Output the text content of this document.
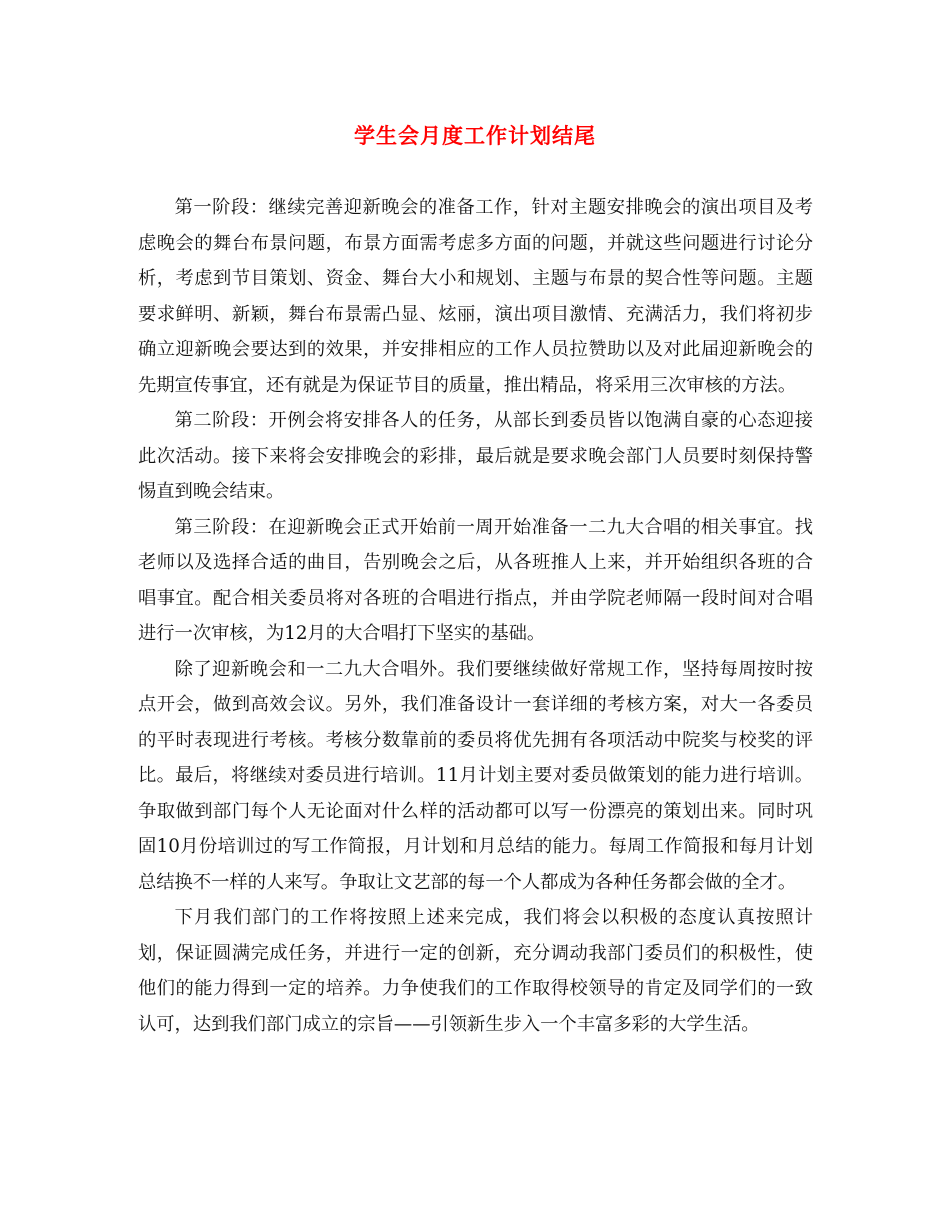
学生会月度工作计划结尾

第一阶段：继续完善迎新晚会的准备工作，针对主题安排晚会的演出项目及考虑晚会的舞台布景问题，布景方面需考虑多方面的问题，并就这些问题进行讨论分析，考虑到节目策划、资金、舞台大小和规划、主题与布景的契合性等问题。主题要求鲜明、新颖，舞台布景需凸显、炫丽，演出项目激情、充满活力，我们将初步确立迎新晚会要达到的效果，并安排相应的工作人员拉赞助以及对此届迎新晚会的先期宣传事宜，还有就是为保证节目的质量，推出精品，将采用三次审核的方法。

第二阶段：开例会将安排各人的任务，从部长到委员皆以饱满自豪的心态迎接此次活动。接下来将会安排晚会的彩排，最后就是要求晚会部门人员要时刻保持警惕直到晚会结束。

第三阶段：在迎新晚会正式开始前一周开始准备一二九大合唱的相关事宜。找老师以及选择合适的曲目，告别晚会之后，从各班推人上来，并开始组织各班的合唱事宜。配合相关委员将对各班的合唱进行指点，并由学院老师隔一段时间对合唱进行一次审核，为12月的大合唱打下坚实的基础。

除了迎新晚会和一二九大合唱外。我们要继续做好常规工作，坚持每周按时按点开会，做到高效会议。另外，我们准备设计一套详细的考核方案，对大一各委员的平时表现进行考核。考核分数靠前的委员将优先拥有各项活动中院奖与校奖的评比。最后，将继续对委员进行培训。11月计划主要对委员做策划的能力进行培训。争取做到部门每个人无论面对什么样的活动都可以写一份漂亮的策划出来。同时巩固10月份培训过的写工作简报，月计划和月总结的能力。每周工作简报和每月计划总结换不一样的人来写。争取让文艺部的每一个人都成为各种任务都会做的全才。

下月我们部门的工作将按照上述来完成，我们将会以积极的态度认真按照计划，保证圆满完成任务，并进行一定的创新，充分调动我部门委员们的积极性，使他们的能力得到一定的培养。力争使我们的工作取得校领导的肯定及同学们的一致认可，达到我们部门成立的宗旨——引领新生步入一个丰富多彩的大学生活。
